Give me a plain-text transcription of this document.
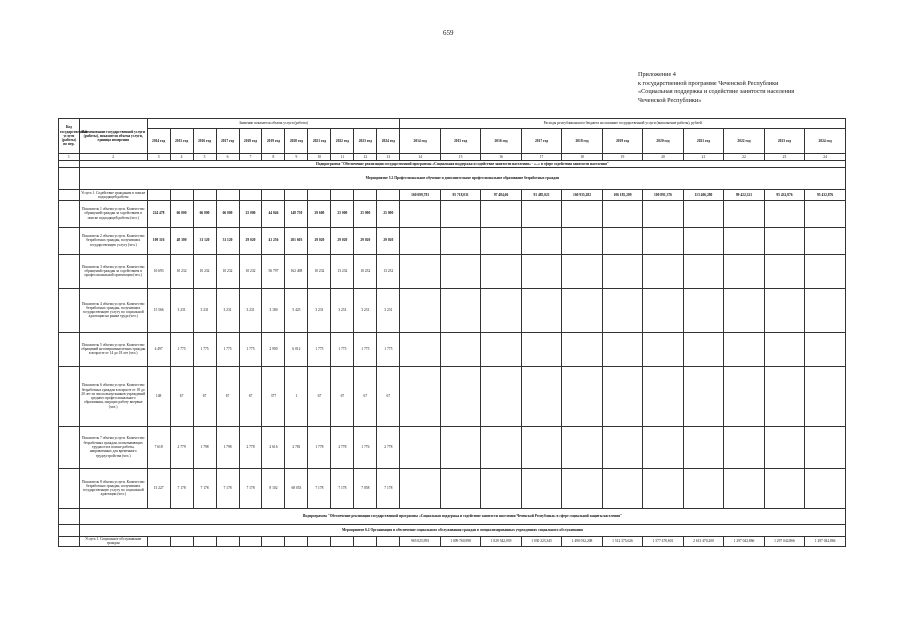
659
Приложение 4
к государственной программе Чеченской Республики
«Социальная поддержка и содействие занятости населения
Чеченской Республики»
Код государственной услуги (работы) по пер.	Наименование государственной услуги (работы), показателя объема услуги, единица измерения	Значение показателя объема услуги (работы)											Расходы республиканского бюджета на оказание государственной услуги (выполнение работы), рублей										
		2014 год	2015 год	2016 год	2017 год	2018 год	2019 год	2020 год	2021 год	2022 год	2023 год	2024 год	2014 год	2015 год	2016 год	2017 год	2018 год	2019 год	2020 год	2021 год	2022 год	2023 год	2024 год
1	2	3	4	5	6	7	8	9	10	11	12	13	14	15	16	17	18	19	20	21	22	23	24
	Подпрограмма "Обеспечение реализации государственной программы «Социальная поддержка и содействие занятости населения» - «...» в сфере содействия занятости населения"																						
	Мероприятие 5.2 Профессиональное обучение и дополнительное профессиональное образование безработных граждан																						
	Услуга 1. Содействие гражданам в поиске подходящей работы												160 699,781	95 718,031	97 484,66	91 485,021	160 935,282	106 185,209	100 891,376	113 406,280	99 422,321	95 432,876	95 432,876
	Показатель 1 объема услуги. Количество обращений граждан за содействием в поиске подходящей работы (чел.)	224 478	66 000	66 000	66 000	25 000	44 046	148 750	29 600	25 000	25 000	25 000											
	Показатель 2 объема услуги. Количество безработных граждан, получивших государственную услугу (чел.)	109 316	48 300	31 120	31 120	29 020	41 256	201 603	29 020	29 020	29 020	29 020											
	Показатель 3 объема услуги. Количество обращений граждан за содействием в профессиональной ориентации (чел.)	16 693	10 232	10 232	10 232	10 232	56 797	162 408	10 232	13 232	10 232	13 232											
	Показатель 4 объема услуги. Количество безработных граждан, получивших государственную услугу по социальной адаптации на рынке труда (чел.)	15 566	3 231	3 231	3 231	3 231	3 180	5 425	3 231	3 231	3 231	3 231											
	Показатель 5 объема услуги. Количество обращений несовершеннолетних граждан в возрасте от 14 до 18 лет (чел.)	4 497	1 775	1 775	1 775	1 775	2 900	6 012	1 775	1 775	1 775	1 775											
	Показатель 6 объема услуги. Количество безработных граждан в возрасте от 18 до 20 лет из числа выпускников учреждений среднего профессионального образования, ищущих работу впервые (чел.)	148	67	67	67	67	377	1	67	67	67	67											
	Показатель 7 объема услуги. Количество безработных граждан, испытывающих трудности в поиске работы, направленных для временного трудоустройства (чел.)	7 618	2 779	1 798	1 798	2 778	2 616	2 781	1 778	2 778	1 776	2 778											
	Показатель 8 объема услуги. Количество безработных граждан, получивших государственную услугу по социальной адаптации (чел.)	15 227	7 178	7 178	7 178	7 178	8 102	68 053	7 178	7 178	7 058	7 178											
	Подпрограмма "Обеспечение реализации государственной программы «Социальная поддержка и содействие занятости населения Чеченской Республики» в сфере социальной защиты населения"																						
	Мероприятие 6.2 Организация и обеспечение социального обслуживания граждан в специализированных учреждениях социального обслуживания																						
	Услуга 1. Социальное обслуживание граждан												965 025,993	1 009 760,998	1 029 542,039	1 030 223,345	1 490 032,208	1 512 375,626	1 577 470,601	2 613 470,200	1 297 042,866	1 297 042,866	1 297 042,866
